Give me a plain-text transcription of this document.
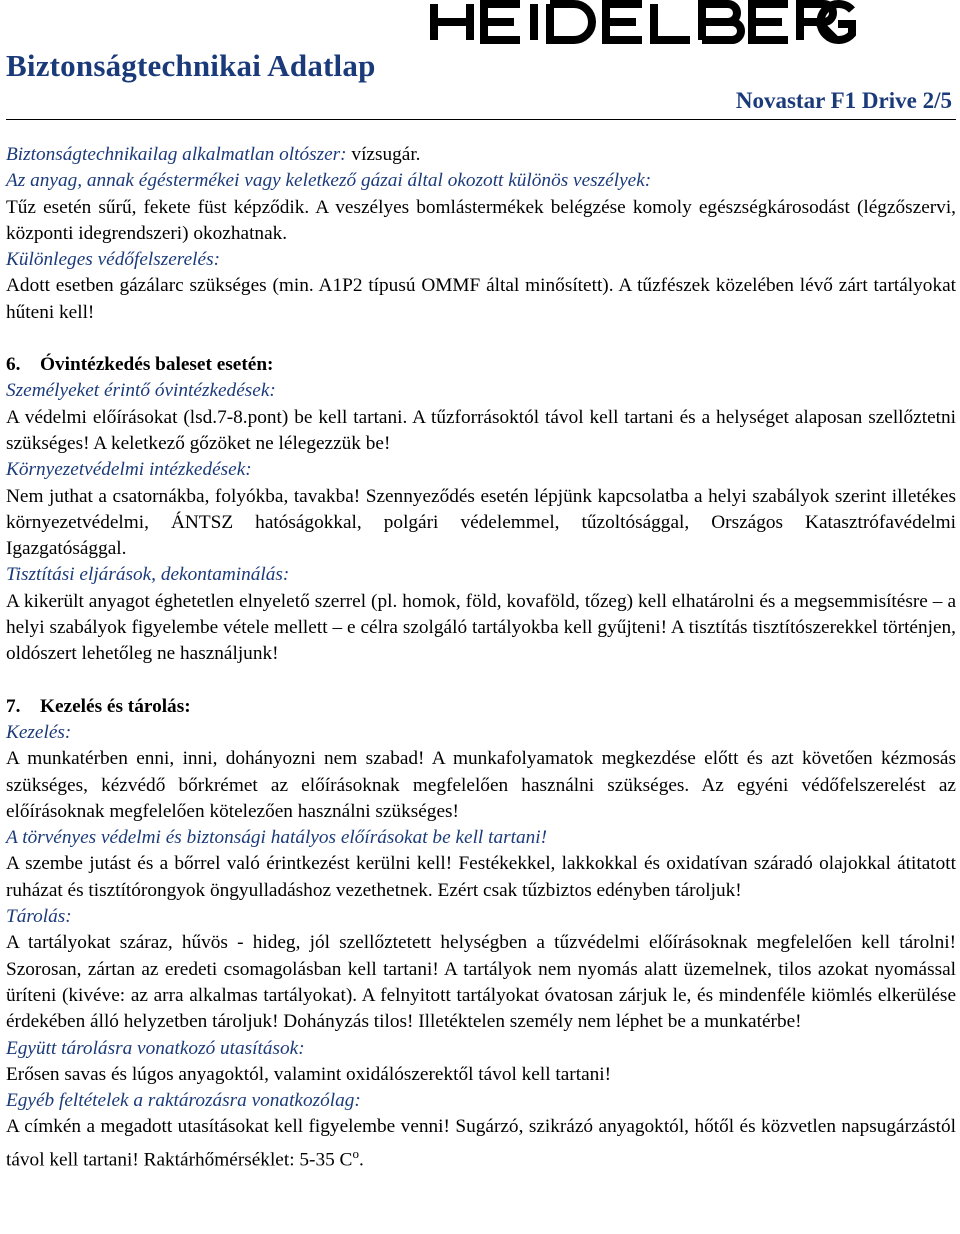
Biztonságtechnikai Adatlap
Novastar F1 Drive 2/5

Biztonságtechnikailag alkalmatlan oltószer: vízsugár.

Az anyag, annak égéstermékei vagy keletkező gázai által okozott különös veszélyek:

Tűz esetén sűrű, fekete füst képződik. A veszélyes bomlástermékek belégzése komoly egészségkárosodást (légzőszervi, központi idegrendszeri) okozhatnak.

Különleges védőfelszerelés:

Adott esetben gázálarc szükséges (min. A1P2 típusú OMMF által minősített). A tűzfészek közelében lévő zárt tartályokat hűteni kell!

6. Óvintézkedés baleset esetén:

Személyeket érintő óvintézkedések:

A védelmi előírásokat (lsd.7-8.pont) be kell tartani. A tűzforrásoktól távol kell tartani és a helységet alaposan szellőztetni szükséges! A keletkező gőzöket ne lélegezzük be!

Környezetvédelmi intézkedések:

Nem juthat a csatornákba, folyókba, tavakba! Szennyeződés esetén lépjünk kapcsolatba a helyi szabályok szerint illetékes környezetvédelmi, ÁNTSZ hatóságokkal, polgári védelemmel, tűzoltósággal, Országos Katasztrófavédelmi Igazgatósággal.

Tisztítási eljárások, dekontaminálás:

A kikerült anyagot éghetetlen elnyelető szerrel (pl. homok, föld, kovaföld, tőzeg) kell elhatárolni és a megsemmisítésre – a helyi szabályok figyelembe vétele mellett – e célra szolgáló tartályokba kell gyűjteni! A tisztítás tisztítószerekkel történjen, oldószert lehetőleg ne használjunk!

7. Kezelés és tárolás:

Kezelés:

A munkatérben enni, inni, dohányozni nem szabad! A munkafolyamatok megkezdése előtt és azt követően kézmosás szükséges, kézvédő bőrkrémet az előírásoknak megfelelően használni szükséges. Az egyéni védőfelszerelést az előírásoknak megfelelően kötelezően használni szükséges!

A törvényes védelmi és biztonsági hatályos előírásokat be kell tartani!

A szembe jutást és a bőrrel való érintkezést kerülni kell! Festékekkel, lakkokkal és oxidatívan száradó olajokkal átitatott ruházat és tisztítórongyok öngyulladáshoz vezethetnek. Ezért csak tűzbiztos edényben tároljuk!

Tárolás:

A tartályokat száraz, hűvös - hideg, jól szellőztetett helységben a tűzvédelmi előírásoknak megfelelően kell tárolni! Szorosan, zártan az eredeti csomagolásban kell tartani! A tartályok nem nyomás alatt üzemelnek, tilos azokat nyomással üríteni (kivéve: az arra alkalmas tartályokat). A felnyitott tartályokat óvatosan zárjuk le, és mindenféle kiömlés elkerülése érdekében álló helyzetben tároljuk! Dohányzás tilos! Illetéktelen személy nem léphet be a munkatérbe!

Együtt tárolásra vonatkozó utasítások:

Erősen savas és lúgos anyagoktól, valamint oxidálószerektől távol kell tartani!

Egyéb feltételek a raktározásra vonatkozólag:

A címkén a megadott utasításokat kell figyelembe venni! Sugárzó, szikrázó anyagoktól, hőtől és közvetlen napsugárzástól távol kell tartani! Raktárhőmérséklet: 5-35 $C^o$.
